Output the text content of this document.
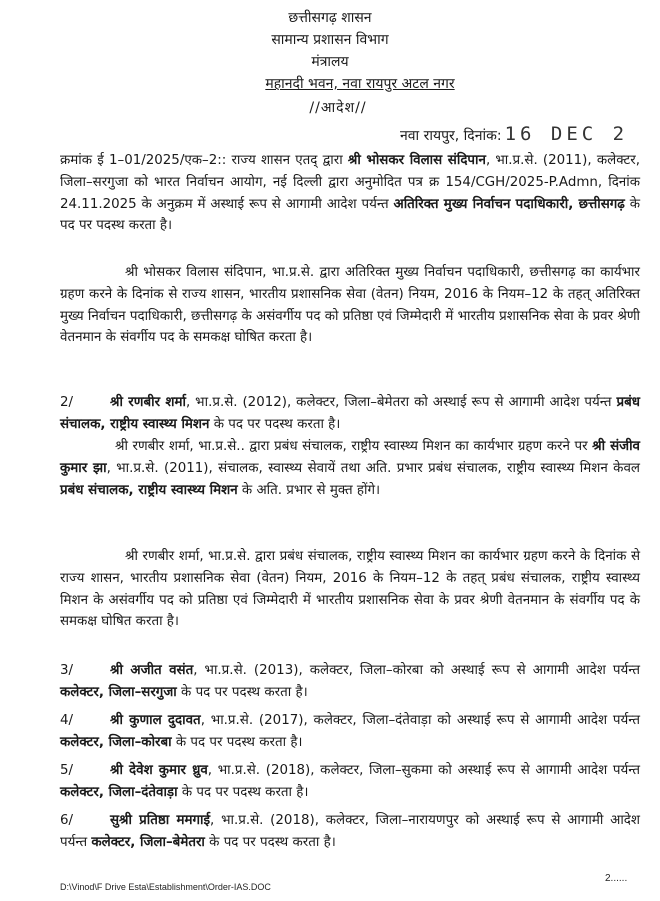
छत्तीसगढ़ शासन
सामान्य प्रशासन विभाग
मंत्रालय
महानदी भवन, नवा रायपुर अटल नगर
//आदेश//
नवा रायपुर, दिनांक: 16 DEC 2
क्रमांक ई 1–01/2025/एक–2:: राज्य शासन एतद् द्वारा श्री भोसकर विलास संदिपान, भा.प्र.से. (2011), कलेक्टर, जिला–सरगुजा को भारत निर्वाचन आयोग, नई दिल्ली द्वारा अनुमोदित पत्र क्र 154/CGH/2025-P.Admn, दिनांक 24.11.2025 के अनुक्रम में अस्थाई रूप से आगामी आदेश पर्यन्त अतिरिक्त मुख्य निर्वाचन पदाधिकारी, छत्तीसगढ़ के पद पर पदस्थ करता है।
श्री भोसकर विलास संदिपान, भा.प्र.से. द्वारा अतिरिक्त मुख्य निर्वाचन पदाधिकारी, छत्तीसगढ़ का कार्यभार ग्रहण करने के दिनांक से राज्य शासन, भारतीय प्रशासनिक सेवा (वेतन) नियम, 2016 के नियम–12 के तहत् अतिरिक्त मुख्य निर्वाचन पदाधिकारी, छत्तीसगढ़ के असंवर्गीय पद को प्रतिष्ठा एवं जिम्मेदारी में भारतीय प्रशासनिक सेवा के प्रवर श्रेणी वेतनमान के संवर्गीय पद के समकक्ष घोषित करता है।
2/	श्री रणबीर शर्मा, भा.प्र.से. (2012), कलेक्टर, जिला–बेमेतरा को अस्थाई रूप से आगामी आदेश पर्यन्त प्रबंध संचालक, राष्ट्रीय स्वास्थ्य मिशन के पद पर पदस्थ करता है।
श्री रणबीर शर्मा, भा.प्र.से.. द्वारा प्रबंध संचालक, राष्ट्रीय स्वास्थ्य मिशन का कार्यभार ग्रहण करने पर श्री संजीव कुमार झा, भा.प्र.से. (2011), संचालक, स्वास्थ्य सेवायें तथा अति. प्रभार प्रबंध संचालक, राष्ट्रीय स्वास्थ्य मिशन केवल प्रबंध संचालक, राष्ट्रीय स्वास्थ्य मिशन के अति. प्रभार से मुक्त होंगे।
श्री रणबीर शर्मा, भा.प्र.से. द्वारा प्रबंध संचालक, राष्ट्रीय स्वास्थ्य मिशन का कार्यभार ग्रहण करने के दिनांक से राज्य शासन, भारतीय प्रशासनिक सेवा (वेतन) नियम, 2016 के नियम–12 के तहत् प्रबंध संचालक, राष्ट्रीय स्वास्थ्य मिशन के असंवर्गीय पद को प्रतिष्ठा एवं जिम्मेदारी में भारतीय प्रशासनिक सेवा के प्रवर श्रेणी वेतनमान के संवर्गीय पद के समकक्ष घोषित करता है।
3/	श्री अजीत वसंत, भा.प्र.से. (2013), कलेक्टर, जिला–कोरबा को अस्थाई रूप से आगामी आदेश पर्यन्त कलेक्टर, जिला–सरगुजा के पद पर पदस्थ करता है।
4/	श्री कुणाल दुदावत, भा.प्र.से. (2017), कलेक्टर, जिला–दंतेवाड़ा को अस्थाई रूप से आगामी आदेश पर्यन्त कलेक्टर, जिला–कोरबा के पद पर पदस्थ करता है।
5/	श्री देवेश कुमार ध्रुव, भा.प्र.से. (2018), कलेक्टर, जिला–सुकमा को अस्थाई रूप से आगामी आदेश पर्यन्त कलेक्टर, जिला–दंतेवाड़ा के पद पर पदस्थ करता है।
6/	सुश्री प्रतिष्ठा ममगाई, भा.प्र.से. (2018), कलेक्टर, जिला–नारायणपुर को अस्थाई रूप से आगामी आदेश पर्यन्त कलेक्टर, जिला–बेमेतरा के पद पर पदस्थ करता है।
2......
D:\Vinod\F Drive Esta\Establishment\Order-IAS.DOC
